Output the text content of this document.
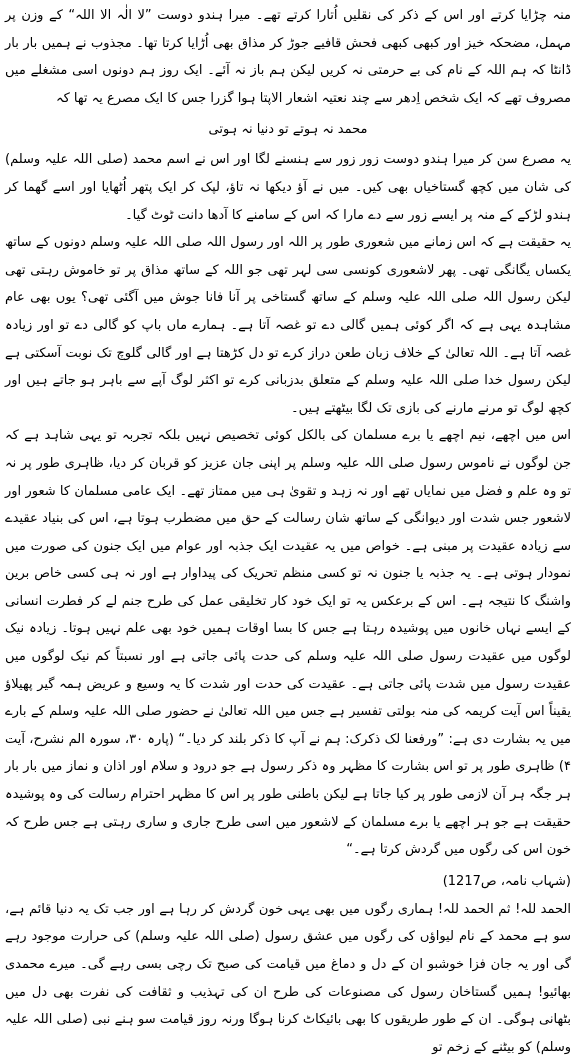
منہ چڑایا کرتے اور اس کے ذکر کی نقلیں اُتارا کرتے تھے۔ میرا ہندو دوست ”لا الٰہ الا اللہ“ کے وزن پر مہمل، مضحکہ خیز اور کبھی کبھی فحش قافیے جوڑ کر مذاق بھی اُڑایا کرتا تھا۔ مجذوب نے ہمیں بار بار ڈانٹا کہ ہم اللہ کے نام کی بے حرمتی نہ کریں لیکن ہم باز نہ آئے۔ ایک روز ہم دونوں اسی مشغلے میں مصروف تھے کہ ایک شخص اِدھر سے چند نعتیہ اشعار الاپتا ہوا گزرا جس کا ایک مصرع یہ تھا کہ

محمد نہ ہوتے تو دنیا نہ ہوتی

یہ مصرع سن کر میرا ہندو دوست زور زور سے ہنسنے لگا اور اس نے اسم محمد (صلی اللہ علیہ وسلم) کی شان میں کچھ گستاخیاں بھی کیں۔ میں نے آؤ دیکھا نہ تاؤ، لپک کر ایک پتھر اُٹھایا اور اسے گھما کر ہندو لڑکے کے منہ پر ایسے زور سے دے مارا کہ اس کے سامنے کا آدھا دانت ٹوٹ گیا۔

یہ حقیقت ہے کہ اس زمانے میں شعوری طور پر اللہ اور رسول اللہ صلی اللہ علیہ وسلم دونوں کے ساتھ یکساں یگانگی تھی۔ پھر لاشعوری کونسی سی لہر تھی جو اللہ کے ساتھ مذاق پر تو خاموش رہتی تھی لیکن رسول اللہ صلی اللہ علیہ وسلم کے ساتھ گستاخی پر آنا فانا جوش میں آگئی تھی؟ یوں بھی عام مشاہدہ یہی ہے کہ اگر کوئی ہمیں گالی دے تو غصہ آتا ہے۔ ہمارے ماں باپ کو گالی دے تو اور زیادہ غصہ آتا ہے۔ اللہ تعالیٰ کے خلاف زبان طعن دراز کرے تو دل کڑھتا ہے اور گالی گلوچ تک نوبت آسکتی ہے لیکن رسول خدا صلی اللہ علیہ وسلم کے متعلق بدزبانی کرے تو اکثر لوگ آپے سے باہر ہو جاتے ہیں اور کچھ لوگ تو مرنے مارنے کی بازی تک لگا بیٹھتے ہیں۔

اس میں اچھے، نیم اچھے یا برے مسلمان کی بالکل کوئی تخصیص نہیں بلکہ تجربہ تو یہی شاہد ہے کہ جن لوگوں نے ناموس رسول صلی اللہ علیہ وسلم پر اپنی جان عزیز کو قربان کر دیا، ظاہری طور پر نہ تو وہ علم و فضل میں نمایاں تھے اور نہ زہد و تقویٰ ہی میں ممتاز تھے۔ ایک عامی مسلمان کا شعور اور لاشعور جس شدت اور دیوانگی کے ساتھ شان رسالت کے حق میں مضطرب ہوتا ہے، اس کی بنیاد عقیدے سے زیادہ عقیدت پر مبنی ہے۔ خواص میں یہ عقیدت ایک جذبہ اور عوام میں ایک جنون کی صورت میں نمودار ہوتی ہے۔ یہ جذبہ یا جنون نہ تو کسی منظم تحریک کی پیداوار ہے اور نہ ہی کسی خاص برین واشنگ کا نتیجہ ہے۔ اس کے برعکس یہ تو ایک خود کار تخلیقی عمل کی طرح جنم لے کر فطرت انسانی کے ایسے نہاں خانوں میں پوشیدہ رہتا ہے جس کا بسا اوقات ہمیں خود بھی علم نہیں ہوتا۔ زیادہ نیک لوگوں میں عقیدت رسول صلی اللہ علیہ وسلم کی حدت پائی جاتی ہے اور نسبتاً کم نیک لوگوں میں عقیدت رسول میں شدت پائی جاتی ہے۔ عقیدت کی حدت اور شدت کا یہ وسیع و عریض ہمہ گیر پھیلاؤ یقیناً اس آیت کریمہ کی منہ بولتی تفسیر ہے جس میں اللہ تعالیٰ نے حضور صلی اللہ علیہ وسلم کے بارے میں یہ بشارت دی ہے: ”ورفعنا لک ذکرک: ہم نے آپ کا ذکر بلند کر دیا۔“ (پارہ ۳۰، سورہ الم نشرح، آیت ۴) ظاہری طور پر تو اس بشارت کا مظہر وہ ذکر رسول ہے جو درود و سلام اور اذان و نماز میں بار بار ہر جگہ ہر آن لازمی طور پر کیا جاتا ہے لیکن باطنی طور پر اس کا مظہر احترام رسالت کی وہ پوشیدہ حقیقت ہے جو ہر اچھے یا برے مسلمان کے لاشعور میں اسی طرح جاری و ساری رہتی ہے جس طرح کہ خون اس کی رگوں میں گردش کرتا ہے۔“

(شہاب نامہ، ص1217)

الحمد للہ! ثم الحمد للہ! ہماری رگوں میں بھی یہی خون گردش کر رہا ہے اور جب تک یہ دنیا قائم ہے، سو ہے محمد کے نام لیواؤں کی رگوں میں عشق رسول (صلی اللہ علیہ وسلم) کی حرارت موجود رہے گی اور یہ جان فزا خوشبو ان کے دل و دماغ میں قیامت کی صبح تک رچی بسی رہے گی۔ میرے محمدی بھائیو! ہمیں گستاخان رسول کی مصنوعات کی طرح ان کی تہذیب و ثقافت کی نفرت بھی دل میں بٹھانی ہوگی۔ ان کے طور طریقوں کا بھی بائیکاٹ کرنا ہوگا ورنہ روز قیامت سو ہنے نبی (صلی اللہ علیہ وسلم) کو بیٹنے کے زخم تو
